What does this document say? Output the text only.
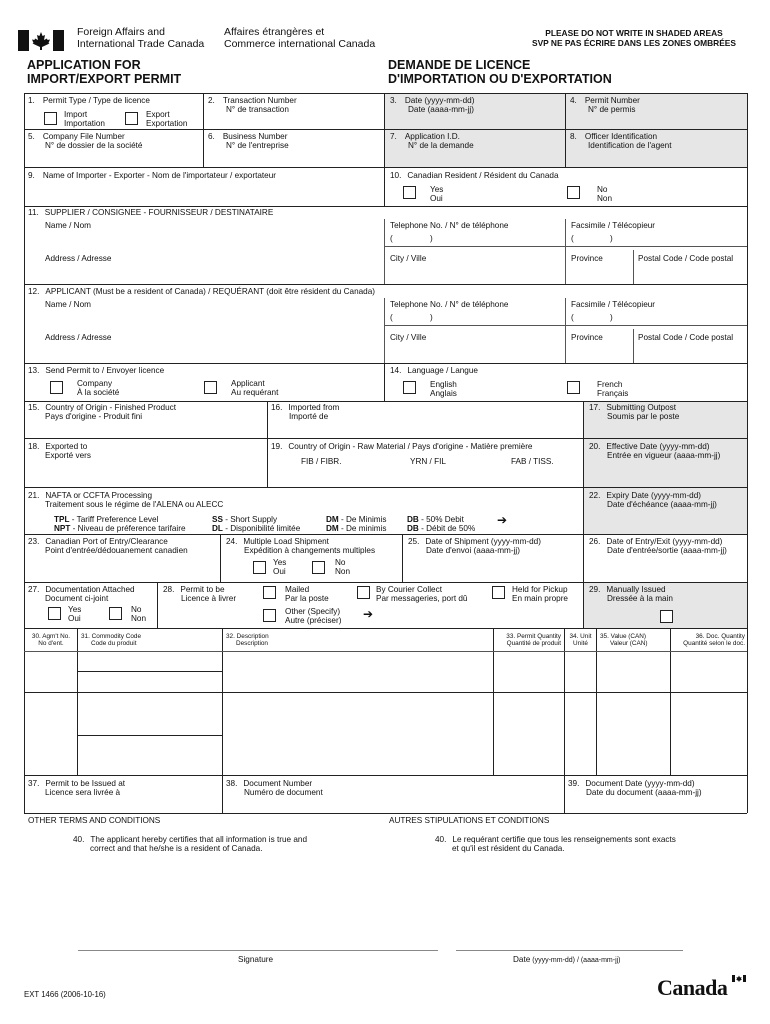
Foreign Affairs and
International Trade Canada
Affaires étrangères et
Commerce international Canada
PLEASE DO NOT WRITE IN SHADED AREAS
SVP NE PAS ÉCRIRE DANS LES ZONES OMBRÉES
APPLICATION FOR
IMPORT/EXPORT PERMIT
DEMANDE DE LICENCE
D'IMPORTATION OU D'EXPORTATION
1. Permit Type / Type de licence
Import
Importation
Export
Exportation
2. Transaction Number
N° de transaction
3. Date (yyyy-mm-dd)
Date (aaaa-mm-jj)
4. Permit Number
N° de permis
5. Company File Number
N° de dossier de la société
6. Business Number
N° de l'entreprise
7. Application I.D.
N° de la demande
8. Officer Identification
Identification de l'agent
9. Name of Importer - Exporter - Nom de l'importateur / exportateur	10. Canadian Resident / Résident du Canada
Yes
Oui
No
Non
11. SUPPLIER / CONSIGNEE - FOURNISSEUR / DESTINATAIRE
Name / Nom	Telephone No. / N° de téléphone
(	)
Facsimile / Télécopieur
(	)
Address / Adresse	City / Ville	Province	Postal Code / Code postal
12. APPLICANT (Must be a resident of Canada) / REQUÉRANT (doit être résident du Canada)
Name / Nom	Telephone No. / N° de téléphone
(	)
Facsimile / Télécopieur
(	)
Address / Adresse	City / Ville	Province	Postal Code / Code postal
13. Send Permit to / Envoyer licence
Company
À la société
Applicant
Au requérant
14. Language / Langue
English
Anglais
French
Français
15. Country of Origin - Finished Product
Pays d'origine - Produit fini
16. Imported from
Importé de
17. Submitting Outpost
Soumis par le poste
18. Exported to
Exporté vers
19. Country of Origin - Raw Material / Pays d'origine - Matière première
FIB / FIBR.	YRN / FIL	FAB / TISS.
20. Effective Date (yyyy-mm-dd)
Entrée en vigueur (aaaa-mm-jj)
21. NAFTA or CCFTA Processing
Traitement sous le régime de l'ALENA ou ALECC
TPL - Tariff Preference Level
NPT - Niveau de préference tarifaire
SS - Short Supply
DL - Disponibilité limitée
DM - De Minimis
DM - De minimis
DB - 50% Debit
DB - Débit de 50%
➔
22. Expiry Date (yyyy-mm-dd)
Date d'échéance (aaaa-mm-jj)
23. Canadian Port of Entry/Clearance
Point d'entrée/dédouanement canadien
24. Multiple Load Shipment
Expédition à changements multiples
Yes
Oui
No
Non
25. Date of Shipment (yyyy-mm-dd)
Date d'envoi (aaaa-mm-jj)
26. Date of Entry/Exit (yyyy-mm-dd)
Date d'entrée/sortie (aaaa-mm-jj)
27. Documentation Attached
Document ci-joint
Yes
Oui
No
Non
28. Permit to be
Licence à livrer
Mailed
Par la poste
By Courier Collect
Par messageries, port dû
Held for Pickup
En main propre
Other (Specify)
Autre (préciser) ➔
29. Manually Issued
Dressée à la main
30. Agm't No.
No d'ent.
31. Commodity Code
Code du produit
32. Description
Description
33. Permit Quantity
Quantité de produit
34. Unit
Unité
35. Value (CAN)
Valeur (CAN)
36. Doc. Quantity
Quantité selon le doc.
37. Permit to be Issued at
Licence sera livrée à
38. Document Number
Numéro de document
39. Document Date (yyyy-mm-dd)
Date du document (aaaa-mm-jj)
OTHER TERMS AND CONDITIONS	AUTRES STIPULATIONS ET CONDITIONS
40. The applicant hereby certifies that all information is true and
correct and that he/she is a resident of Canada.
40. Le requérant certifie que tous les renseignements sont exacts
et qu'il est résident du Canada.
Signature	Date (yyyy-mm-dd) / (aaaa-mm-jj)
EXT 1466 (2006-10-16)	Canada
